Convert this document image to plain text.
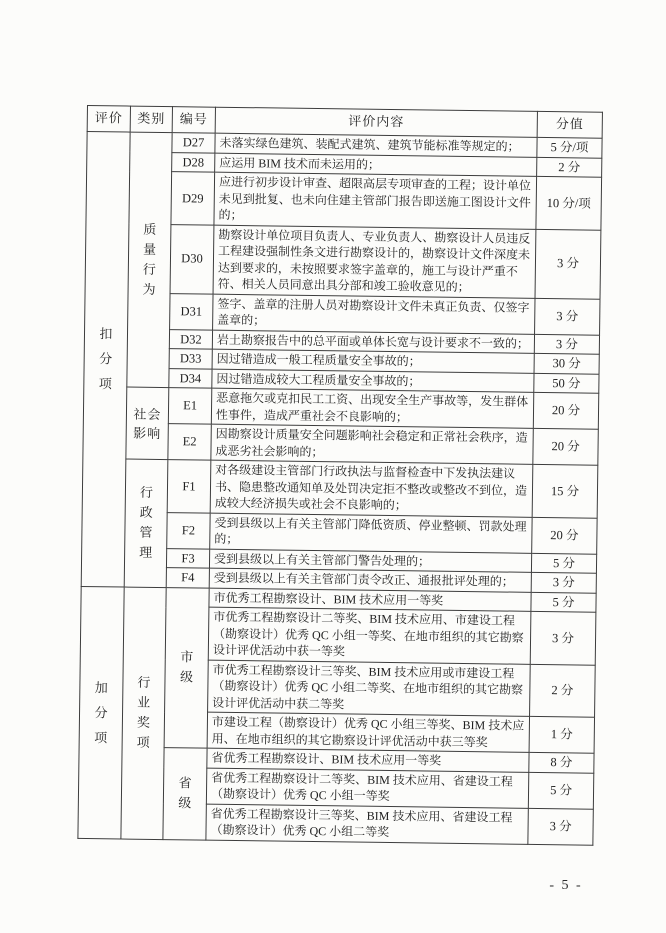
评价	类别	编号	评价内容	分值

扣分项	质量行为	D27	未落实绿色建筑、装配式建筑、建筑节能标准等规定的；	5 分/项
		D28	应运用 BIM 技术而未运用的；	2 分
		D29	应进行初步设计审查、超限高层专项审查的工程；设计单位未见到批复、也未向住建主管部门报告即送施工图设计文件的；	10 分/项
		D30	勘察设计单位项目负责人、专业负责人、勘察设计人员违反工程建设强制性条文进行勘察设计的，勘察设计文件深度未达到要求的，未按照要求签字盖章的，施工与设计严重不符、相关人员同意出具分部和竣工验收意见的；	3 分
		D31	签字、盖章的注册人员对勘察设计文件未真正负责、仅签字盖章的；	3 分
		D32	岩土勘察报告中的总平面或单体长宽与设计要求不一致的；	3 分
		D33	因过错造成一般工程质量安全事故的；	30 分
		D34	因过错造成较大工程质量安全事故的；	50 分

	社会影响	E1	恶意拖欠或克扣民工工资、出现安全生产事故等，发生群体性事件，造成严重社会不良影响的；	20 分
		E2	因勘察设计质量安全问题影响社会稳定和正常社会秩序，造成恶劣社会影响的；	20 分

	行政管理	F1	对各级建设主管部门行政执法与监督检查中下发执法建议书、隐患整改通知单及处罚决定拒不整改或整改不到位，造成较大经济损失或社会不良影响的；	15 分
		F2	受到县级以上有关主管部门降低资质、停业整顿、罚款处理的；	20 分
		F3	受到县级以上有关主管部门警告处理的；	5 分
		F4	受到县级以上有关主管部门责令改正、通报批评处理的；	3 分

加分项	行业奖项	市级	市优秀工程勘察设计、BIM 技术应用一等奖	5 分
			市优秀工程勘察设计二等奖、BIM 技术应用、市建设工程（勘察设计）优秀 QC 小组一等奖、在地市组织的其它勘察设计评优活动中获一等奖	3 分
			市优秀工程勘察设计三等奖、BIM 技术应用或市建设工程（勘察设计）优秀 QC 小组二等奖、在地市组织的其它勘察设计评优活动中获二等奖	2 分
			市建设工程（勘察设计）优秀 QC 小组三等奖、BIM 技术应用、在地市组织的其它勘察设计评优活动中获三等奖	1 分

		省级	省优秀工程勘察设计、BIM 技术应用一等奖	8 分
			省优秀工程勘察设计二等奖、BIM 技术应用、省建设工程（勘察设计）优秀 QC 小组一等奖	5 分
			省优秀工程勘察设计三等奖、BIM 技术应用、省建设工程（勘察设计）优秀 QC 小组二等奖	3 分
- 5 -
